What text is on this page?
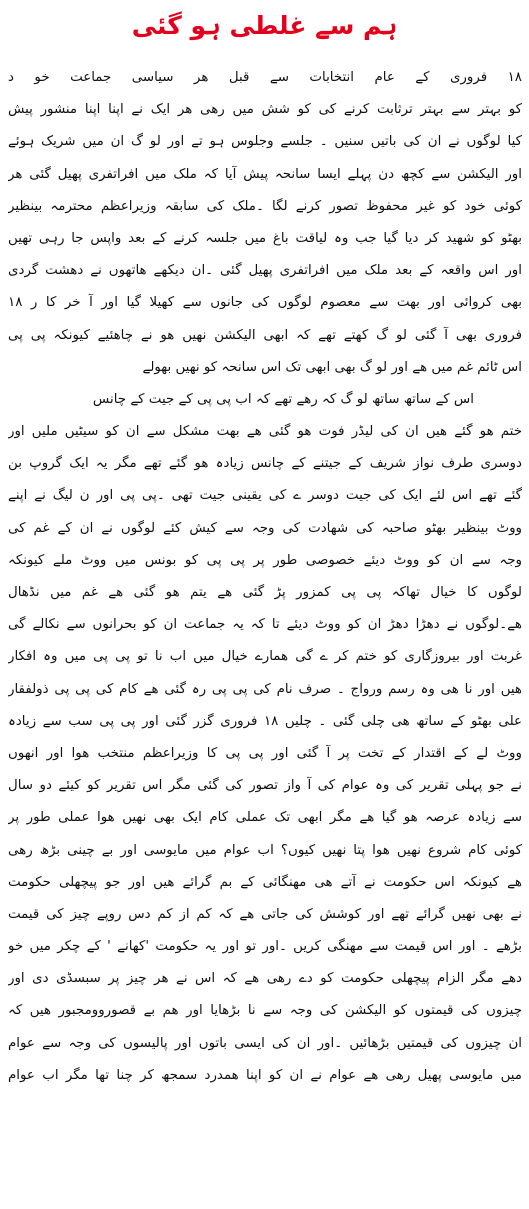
ہم سے غلطی ہو گئی
۱۸ فروری کے عام انتخابات سے قبل ھر سیاسی جماعت خو د
کو بہتر سے بہتر ترثابت کرنے کی کو شش میں رھی ھر ایک نے اپنا اپنا منشور پیش
کیا لوگوں نے ان کی باتیں سنیں ۔ جلسے وجلوس ہو تے اور لو گ ان میں شریک ہوئے
اور الیکشن سے کچھ دن پہلے ایسا سانحہ پیش آیا کہ ملک میں افراتفری پھیل گئی ھر
کوئی خود کو غیر محفوظ تصور کرنے لگا ۔ملک کی سابقہ وزیراعظم محترمہ بینظیر
بھٹو کو شھید کر دیا گیا جب وہ لیاقت باغ میں جلسہ کرنے کے بعد واپس جا رہی تھیں
اور اس واقعہ کے بعد ملک میں افراتفری پھیل گئی ۔ان دیکھے ھاتھوں نے دھشت گردی
بھی کروائی اور بھت سے معصوم لوگوں کی جانوں سے کھیلا گیا اور آ خر کا ر ۱۸
فروری بھی آ گئی لو گ کھتے تھے کہ ابھی الیکشن نھیں ھو نے چاھئیے کیونکہ پی پی
اس ٹائم غم میں ھے اور لو گ بھی ابھی تک اس سانحہ کو نھیں بھولے
اس کے ساتھ ساتھ لو گ کہ رھے تھے کہ اب پی پی کے جیت کے چانس
ختم ھو گئے ھیں ان کی لیڈر فوت ھو گئی ھے بھت مشکل سے ان کو سیٹیں ملیں اور
دوسری طرف نواز شریف کے جیتنے کے چانس زیادہ ھو گئے تھے مگر یہ ایک گروپ بن
گئے تھے اس لئے ایک کی جیت دوسر ے کی یقینی جیت تھی ۔پی پی اور ن لیگ نے اپنے
ووٹ بینظیر بھٹو صاحبہ کی شھادت کی وجہ سے کیش کئے لوگوں نے ان کے غم کی
وجہ سے ان کو ووٹ دیئے خصوصی طور پر پی پی کو بونس میں ووٹ ملے کیونکہ
لوگوں کا خیال تھاکہ پی پی کمزور پڑ گئی ھے یتم ھو گئی ھے غم میں نڈھال
ھے۔لوگوں نے دھڑا دھڑ ان کو ووٹ دیئے تا کہ یہ جماعت ان کو بحرانوں سے نکالے گی
غربت اور بیروزگاری کو ختم کر ے گی ھمارے خیال میں اب نا تو پی پی میں وہ افکار
ھیں اور نا ھی وہ رسم ورواج ۔ صرف نام کی پی پی رہ گئی ھے کام کی پی پی ذولفقار
علی بھٹو کے ساتھ ھی چلی گئی ۔ چلیں ۱۸ فروری گزر گئی اور پی پی سب سے زیادہ
ووٹ لے کے اقتدار کے تخت پر آ گئی اور پی پی کا وزیراعظم منتخب ھوا اور انھوں
نے جو پہلی تقریر کی وہ عوام کی آ واز تصور کی گئی مگر اس تقریر کو کیئے دو سال
سے زیادہ عرصہ ھو گیا ھے مگر ابھی تک عملی کام ایک بھی نھیں ھوا عملی طور پر
کوئی کام شروع نھیں ھوا پتا نھیں کیوں؟ اب عوام میں مایوسی اور بے چینی بڑھ رھی
ھے کیونکہ اس حکومت نے آتے ھی مھنگائی کے بم گرائے ھیں اور جو پیچھلی حکومت
نے بھی نھیں گرائے تھے اور کوشش کی جاتی ھے کہ کم از کم دس روپے چیز کی قیمت
بڑھے ۔ اور اس قیمت سے مھنگی کریں ۔اور تو اور یہ حکومت 'کھانے ' کے چکر میں خو
دھے مگر الزام پیچھلی حکومت کو دے رھی ھے کہ اس نے ھر چیز پر سبسڈی دی اور
چیزوں کی قیمتوں کو الیکشن کی وجہ سے نا بڑھایا اور ھم بے قصوروومجبور ھیں کہ
ان چیزوں کی قیمتیں بڑھائیں ۔اور ان کی ایسی باتوں اور پالیسوں کی وجہ سے عوام
میں مایوسی پھیل رھی ھے عوام نے ان کو اپنا ھمدرد سمجھ کر چنا تھا مگر اب عوام
